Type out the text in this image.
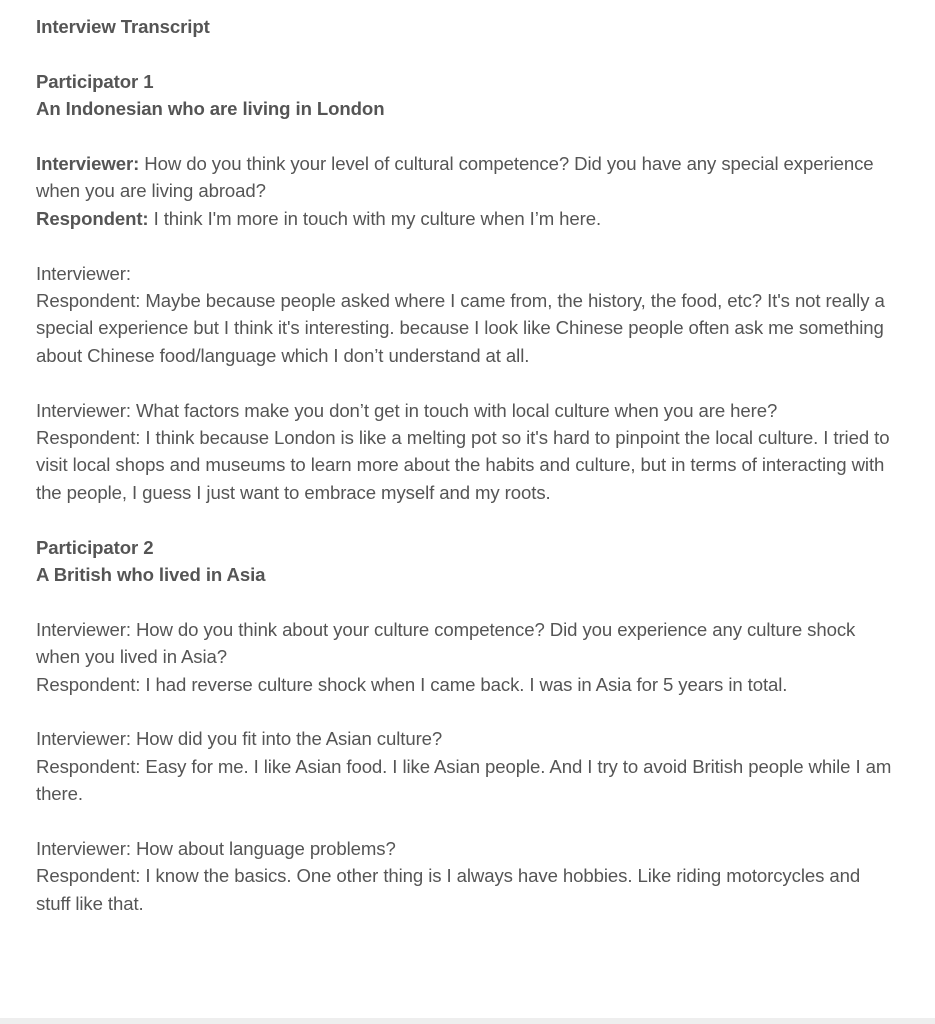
Interview Transcript

Participator 1

An Indonesian who are living in London

Interviewer: How do you think your level of cultural competence? Did you have any special experience when you are living abroad?

Respondent: I think I'm more in touch with my culture when I’m here.

Interviewer:

Respondent: Maybe because people asked where I came from, the history, the food, etc? It's not really a special experience but I think it's interesting. because I look like Chinese people often ask me something about Chinese food/language which I don’t understand at all.

Interviewer: What factors make you don’t get in touch with local culture when you are here?

Respondent: I think because London is like a melting pot so it's hard to pinpoint the local culture. I tried to visit local shops and museums to learn more about the habits and culture, but in terms of interacting with the people, I guess I just want to embrace myself and my roots.

Participator 2

A British who lived in Asia

Interviewer: How do you think about your culture competence? Did you experience any culture shock when you lived in Asia?

Respondent: I had reverse culture shock when I came back. I was in Asia for 5 years in total.

Interviewer: How did you fit into the Asian culture?

Respondent: Easy for me. I like Asian food. I like Asian people. And I try to avoid British people while I am there.

Interviewer: How about language problems?

Respondent: I know the basics. One other thing is I always have hobbies. Like riding motorcycles and stuff like that.
